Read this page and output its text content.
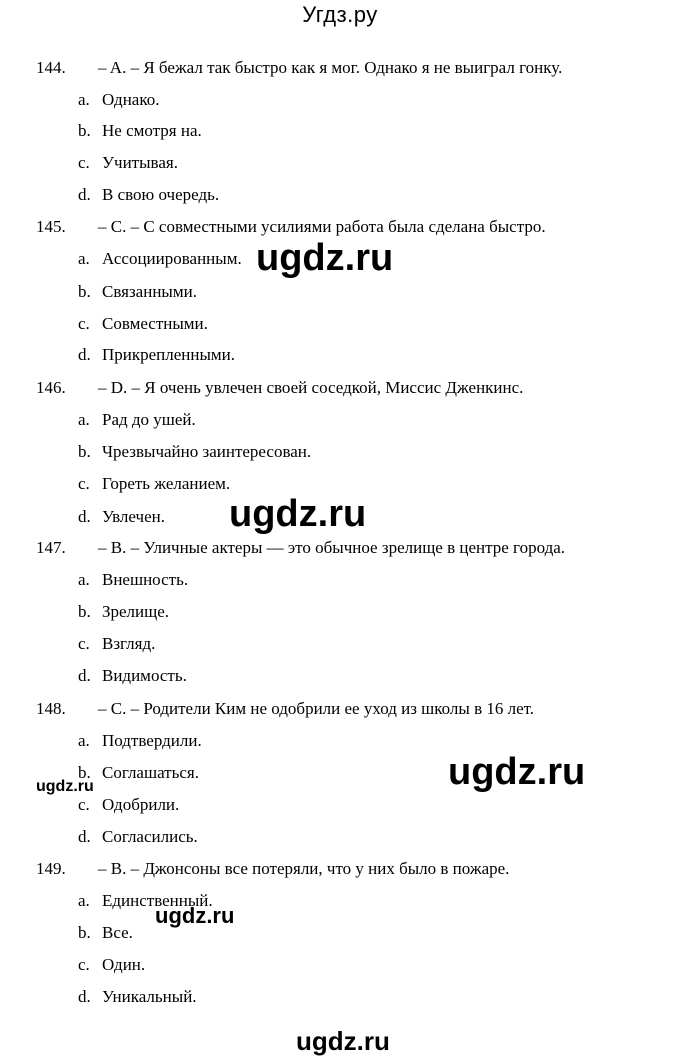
Угдз.ру
144. – A. – Я бежал так быстро как я мог. Однако я не выиграл гонку.
a. Однако.
b. Не смотря на.
c. Учитывая.
d. В свою очередь.
145. – C. – С совместными усилиями работа была сделана быстро.
a. Ассоциированным.
b. Связанными.
c. Совместными.
d. Прикрепленными.
146. – D. – Я очень увлечен своей соседкой, Миссис Дженкинс.
a. Рад до ушей.
b. Чрезвычайно заинтересован.
c. Гореть желанием.
d. Увлечен.
147. – B. – Уличные актеры — это обычное зрелище в центре города.
a. Внешность.
b. Зрелище.
c. Взгляд.
d. Видимость.
148. – C. – Родители Ким не одобрили ее уход из школы в 16 лет.
a. Подтвердили.
b. Соглашаться.
c. Одобрили.
d. Согласились.
149. – B. – Джонсоны все потеряли, что у них было в пожаре.
a. Единственный.
b. Все.
c. Один.
d. Уникальный.
ugdz.ru
ugdz.ru
ugdz.ru
ugdz.ru
ugdz.ru
ugdz.ru
